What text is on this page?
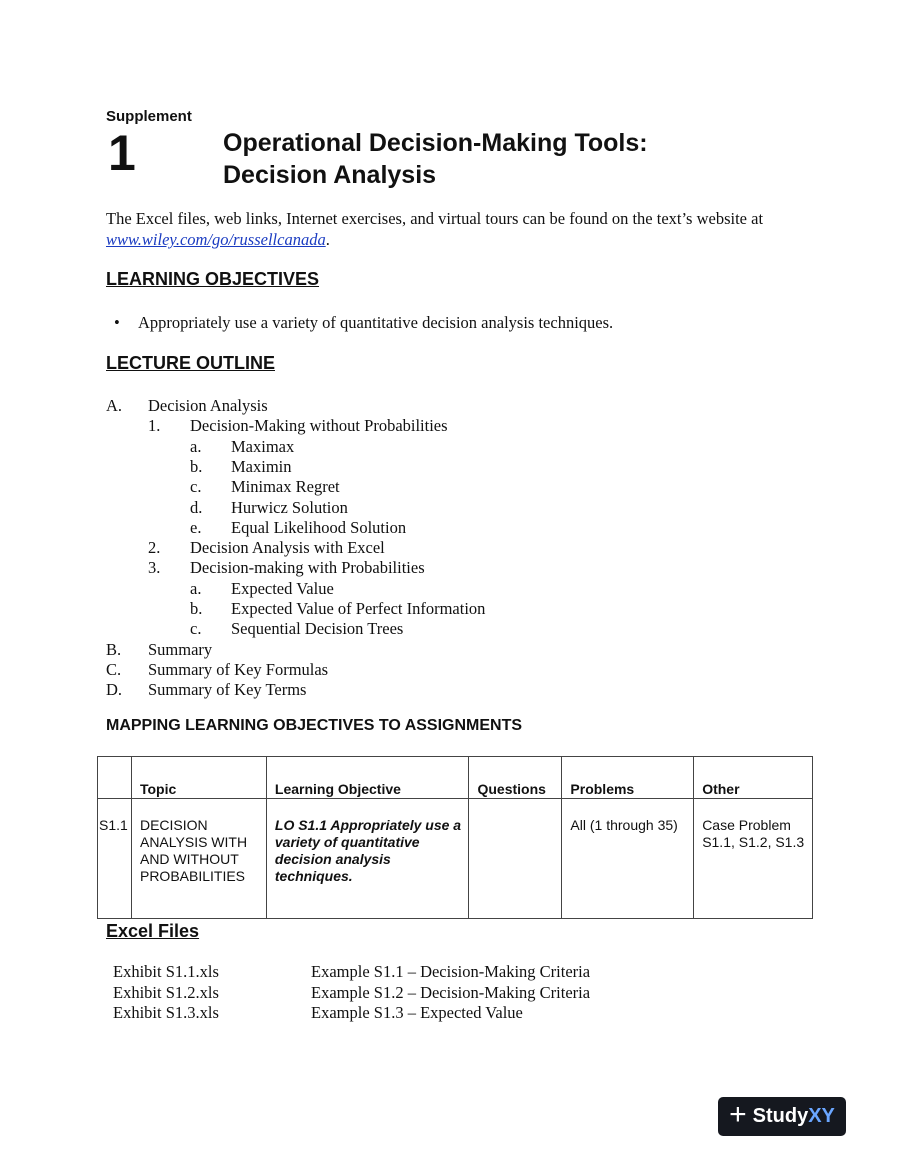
Supplement
1	Operational Decision-Making Tools:
Decision Analysis
The Excel files, web links, Internet exercises, and virtual tours can be found on the text’s website at www.wiley.com/go/russellcanada.
LEARNING OBJECTIVES
• Appropriately use a variety of quantitative decision analysis techniques.
LECTURE OUTLINE
A. Decision Analysis
1. Decision-Making without Probabilities
a. Maximax
b. Maximin
c. Minimax Regret
d. Hurwicz Solution
e. Equal Likelihood Solution
2. Decision Analysis with Excel
3. Decision-making with Probabilities
a. Expected Value
b. Expected Value of Perfect Information
c. Sequential Decision Trees
B. Summary
C. Summary of Key Formulas
D. Summary of Key Terms
MAPPING LEARNING OBJECTIVES TO ASSIGNMENTS
	Topic	Learning Objective	Questions	Problems	Other
S1.1	DECISION ANALYSIS WITH AND WITHOUT PROBABILITIES	LO S1.1 Appropriately use a variety of quantitative decision analysis techniques.		All (1 through 35)	Case Problem S1.1, S1.2, S1.3
Excel Files
Exhibit S1.1.xls	Example S1.1 – Decision-Making Criteria
Exhibit S1.2.xls	Example S1.2 – Decision-Making Criteria
Exhibit S1.3.xls	Example S1.3 – Expected Value
+ Study XY
